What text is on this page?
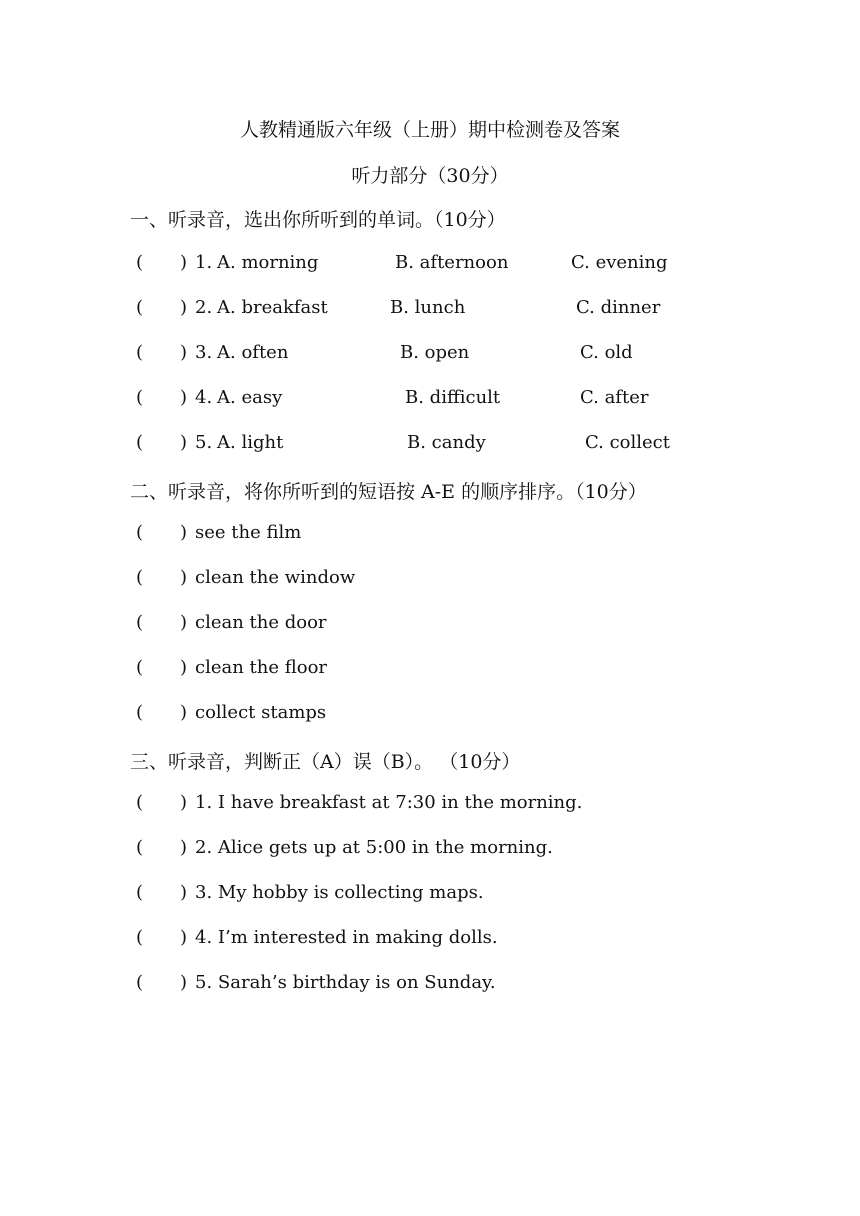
人教精通版六年级（上册）期中检测卷及答案
听力部分（30分）
一、听录音，选出你所听到的单词。（10分）
( ) 1. A. morning	B. afternoon	C. evening
( ) 2. A. breakfast	B. lunch	C. dinner
( ) 3. A. often	B. open	C. old
( ) 4. A. easy	B. difficult	C. after
( ) 5. A. light	B. candy	C. collect
二、听录音，将你所听到的短语按 A-E 的顺序排序。（10分）
( ) see the film
( ) clean the window
( ) clean the door
( ) clean the floor
( ) collect stamps
三、听录音，判断正（A）误（B）。 （10分）
( ) 1. I have breakfast at 7:30 in the morning.
( ) 2. Alice gets up at 5:00 in the morning.
( ) 3. My hobby is collecting maps.
( ) 4. I’m interested in making dolls.
( ) 5. Sarah’s birthday is on Sunday.
